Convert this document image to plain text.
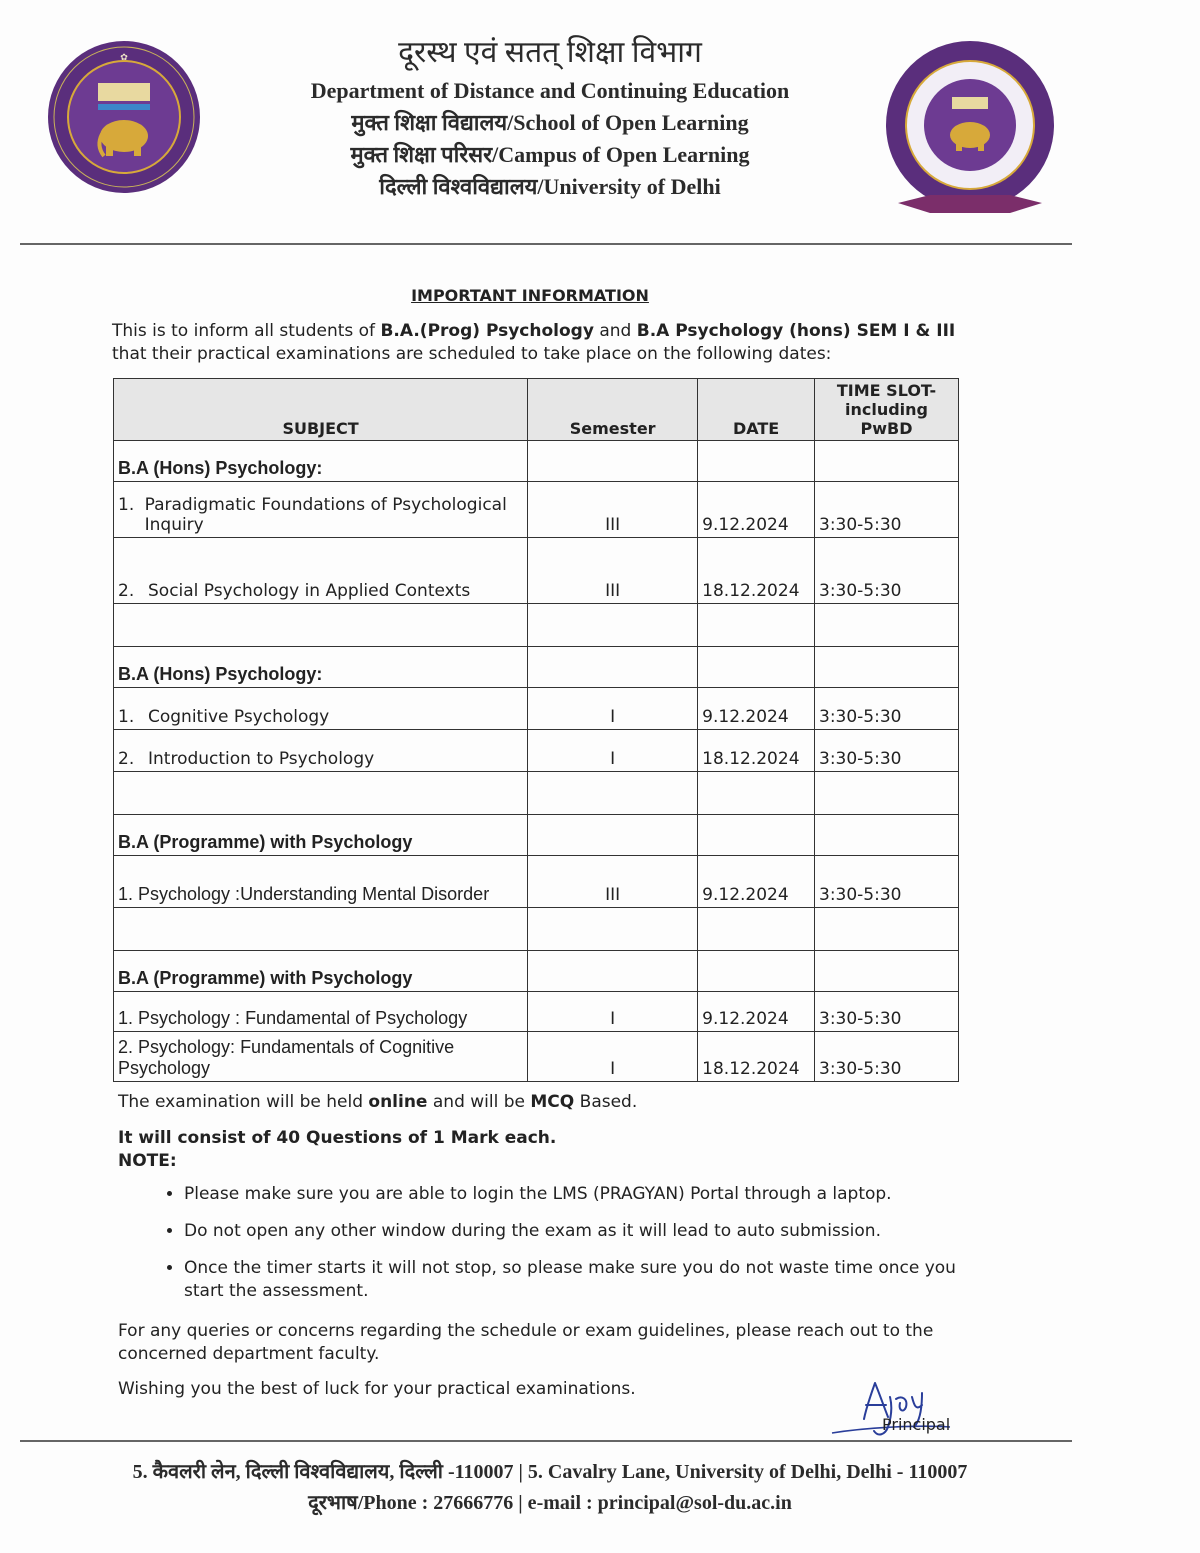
✿	दूरस्थ एवं सतत् शिक्षा विभाग
Department of Distance and Continuing Education
मुक्त शिक्षा विद्यालय/School of Open Learning
मुक्त शिक्षा परिसर/Campus of Open Learning
दिल्ली विश्वविद्यालय/University of Delhi
IMPORTANT INFORMATION
This is to inform all students of B.A.(Prog) Psychology and B.A Psychology (hons) SEM I & III that their practical examinations are scheduled to take place on the following dates:
SUBJECT	Semester	DATE	TIME SLOT-
including PwBD
B.A (Hons) Psychology:			

1. Paradigmatic Foundations of Psychological Inquiry	III	9.12.2024	3:30-5:30
2. Social Psychology in Applied Contexts	III	18.12.2024	3:30-5:30

B.A (Hons) Psychology:			
1. Cognitive Psychology	I	9.12.2024	3:30-5:30
2. Introduction to Psychology	I	18.12.2024	3:30-5:30

B.A (Programme) with Psychology			
1. Psychology :Understanding Mental Disorder	III	9.12.2024	3:30-5:30

B.A (Programme) with Psychology			
1. Psychology : Fundamental of Psychology	I	9.12.2024	3:30-5:30
2. Psychology: Fundamentals of Cognitive Psychology	I	18.12.2024	3:30-5:30
The examination will be held online and will be MCQ Based.
It will consist of 40 Questions of 1 Mark each.
NOTE:
• Please make sure you are able to login the LMS (PRAGYAN) Portal through a laptop.
• Do not open any other window during the exam as it will lead to auto submission.
• Once the timer starts it will not stop, so please make sure you do not waste time once you start the assessment.
For any queries or concerns regarding the schedule or exam guidelines, please reach out to the concerned department faculty.
Wishing you the best of luck for your practical examinations.
Principal
5. कैवलरी लेन, दिल्ली विश्वविद्यालय, दिल्ली -110007 | 5. Cavalry Lane, University of Delhi, Delhi - 110007
दूरभाष/Phone : 27666776 | e-mail : principal@sol-du.ac.in
